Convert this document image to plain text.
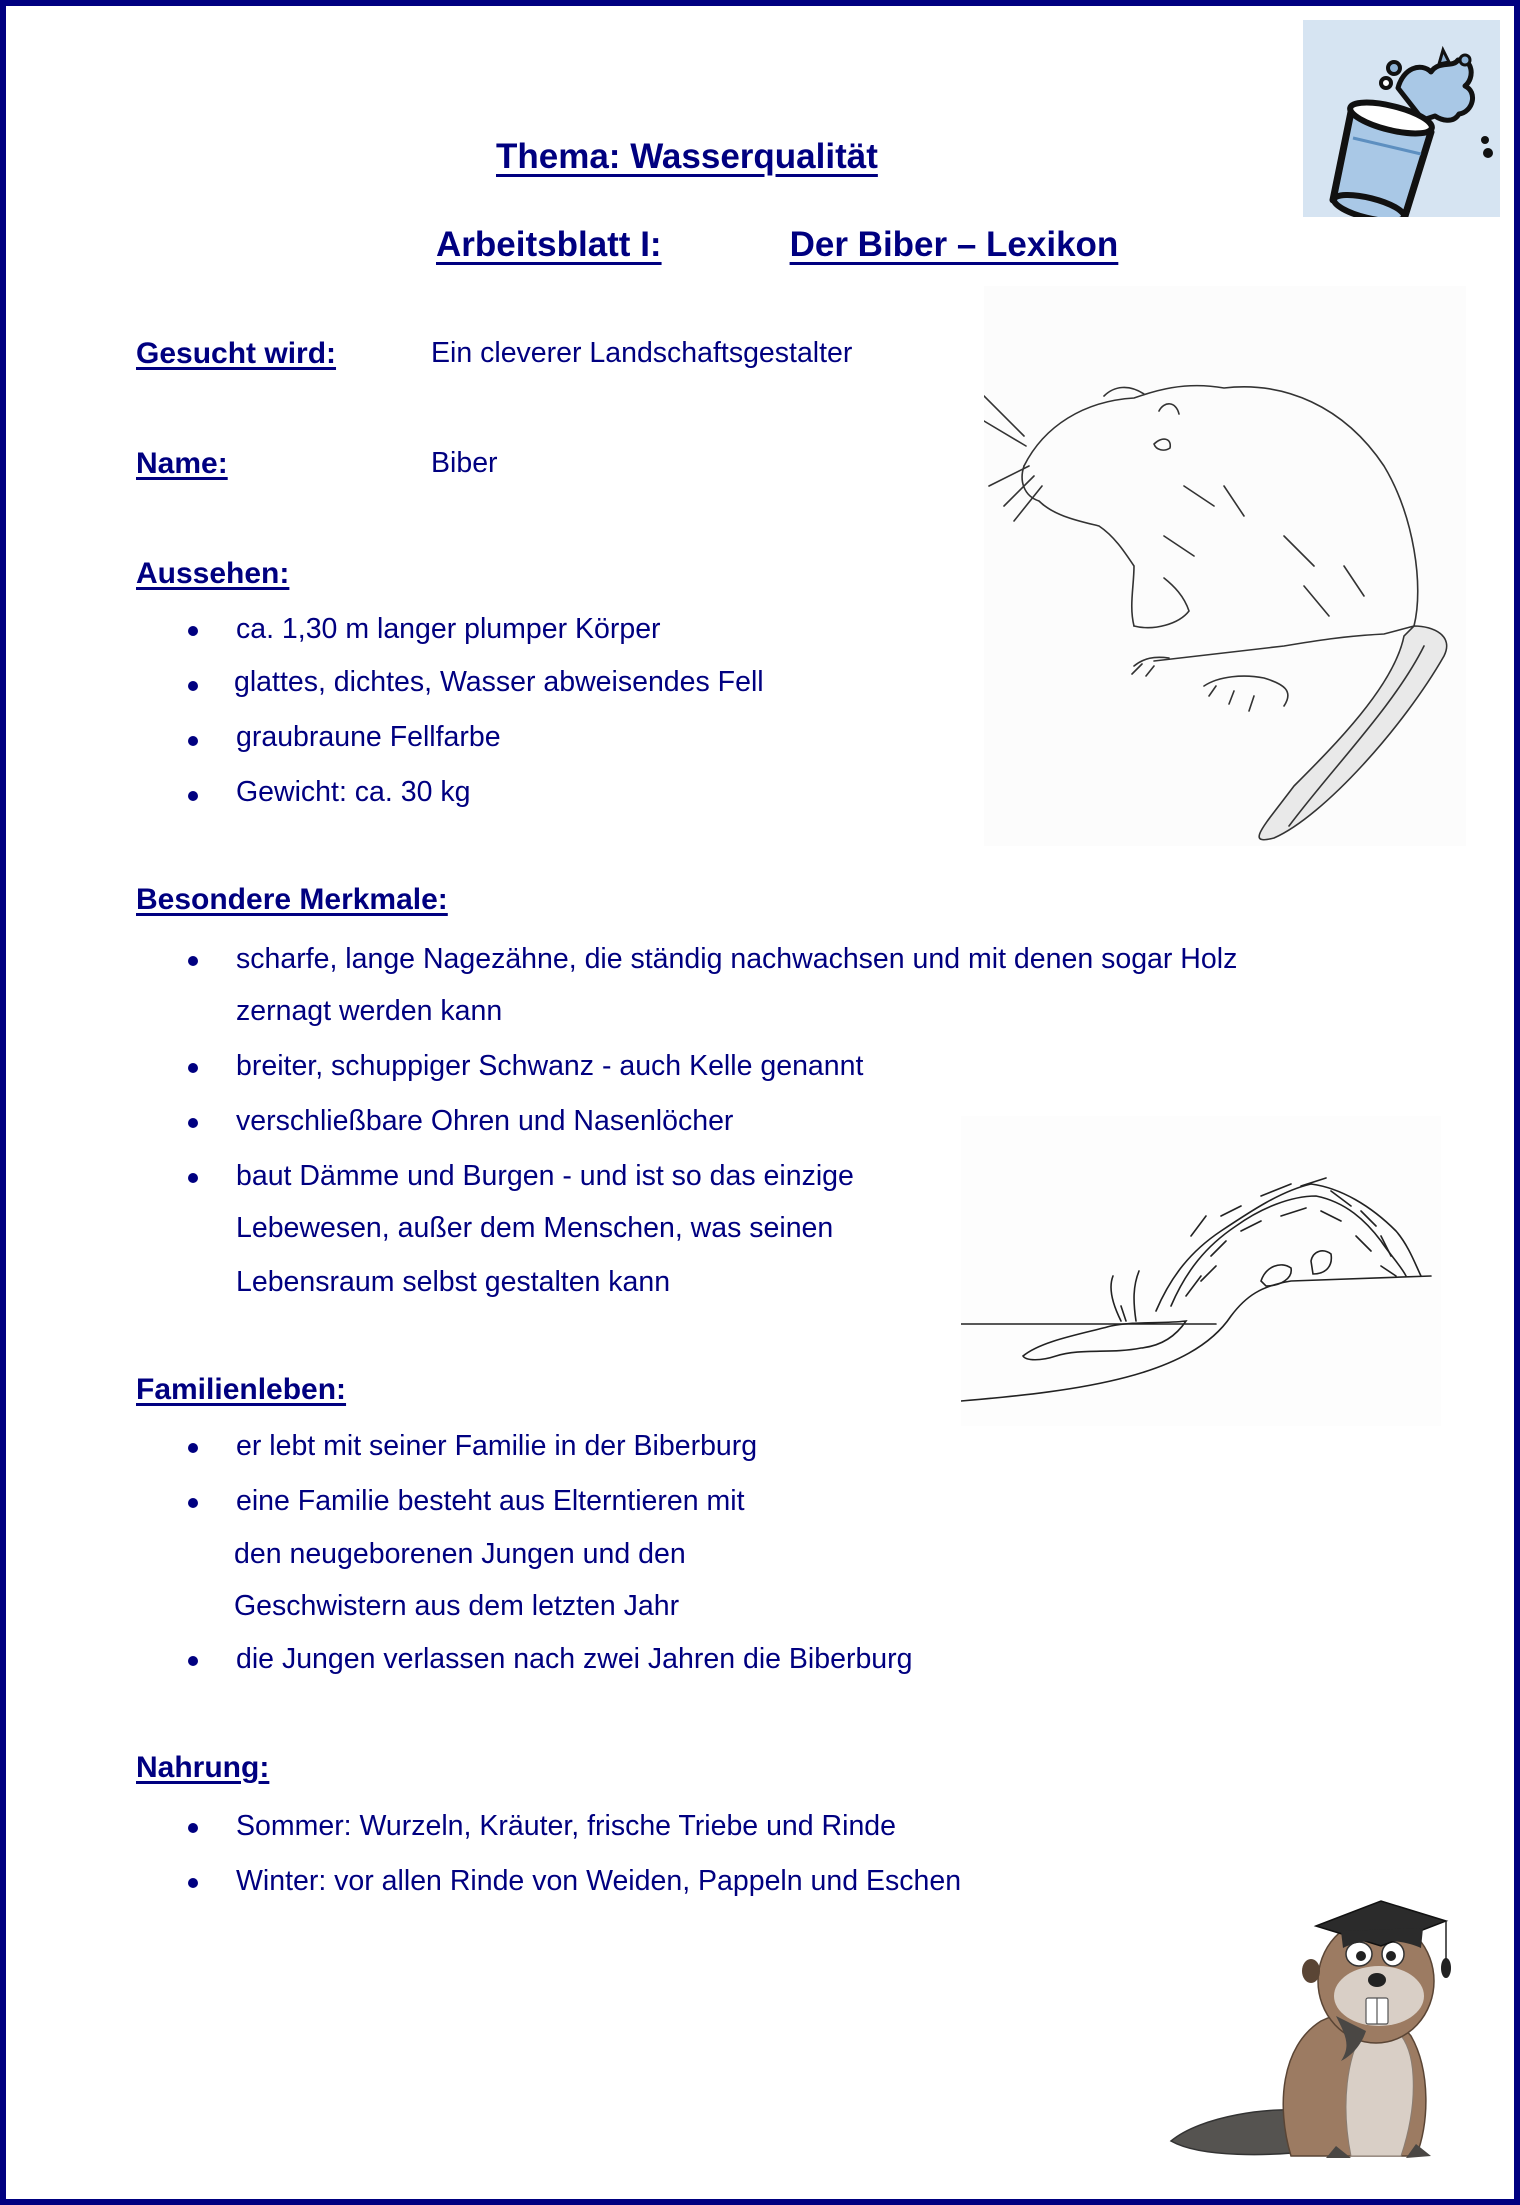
Thema: Wasserqualität
Arbeitsblatt I:	Der Biber – Lexikon
Gesucht wird:	Ein cleverer Landschaftsgestalter
Name:	Biber
Aussehen:
ca. 1,30 m langer plumper Körper
glattes, dichtes, Wasser abweisendes Fell
graubraune Fellfarbe
Gewicht: ca. 30 kg
Besondere Merkmale:
scharfe, lange Nagezähne, die ständig nachwachsen und mit denen sogar Holz
zernagt werden kann
breiter, schuppiger Schwanz - auch Kelle genannt
verschließbare Ohren und Nasenlöcher
baut Dämme und Burgen - und ist so das einzige
Lebewesen, außer dem Menschen, was seinen
Lebensraum selbst gestalten kann
Familienleben:
er lebt mit seiner Familie in der Biberburg
eine Familie besteht aus Elterntieren mit
den neugeborenen Jungen und den
Geschwistern aus dem letzten Jahr
die Jungen verlassen nach zwei Jahren die Biberburg
Nahrung:
Sommer: Wurzeln, Kräuter, frische Triebe und Rinde
Winter: vor allen Rinde von Weiden, Pappeln und Eschen
